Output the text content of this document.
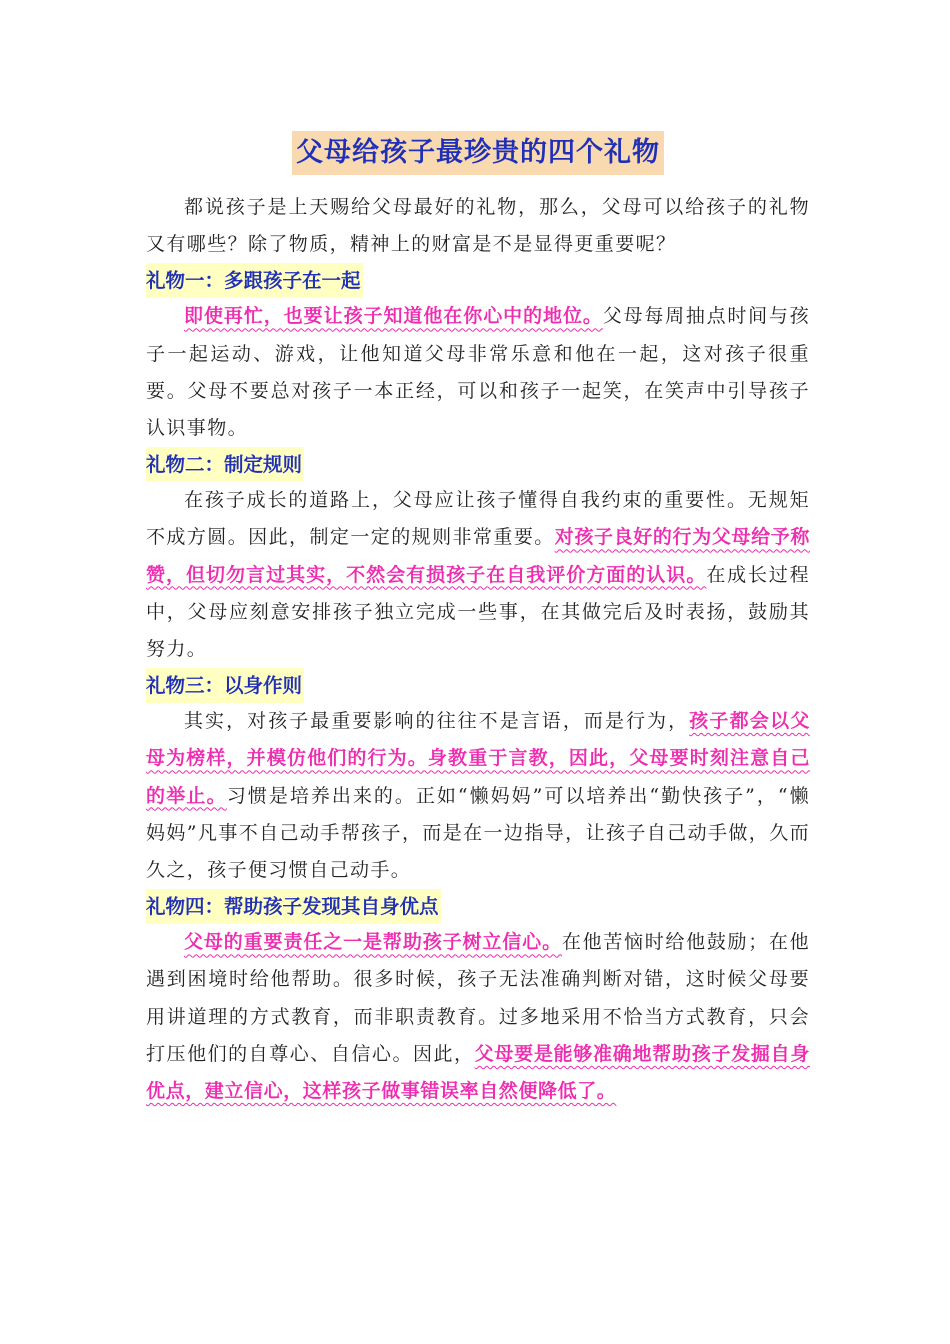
父母给孩子最珍贵的四个礼物

都说孩子是上天赐给父母最好的礼物，那么，父母可以给孩子的礼物又有哪些？除了物质，精神上的财富是不是显得更重要呢？

礼物一：多跟孩子在一起

即使再忙，也要让孩子知道他在你心中的地位。父母每周抽点时间与孩子一起运动、游戏，让他知道父母非常乐意和他在一起，这对孩子很重要。父母不要总对孩子一本正经，可以和孩子一起笑，在笑声中引导孩子认识事物。

礼物二：制定规则

在孩子成长的道路上，父母应让孩子懂得自我约束的重要性。无规矩不成方圆。因此，制定一定的规则非常重要。对孩子良好的行为父母给予称赞，但切勿言过其实，不然会有损孩子在自我评价方面的认识。在成长过程中，父母应刻意安排孩子独立完成一些事，在其做完后及时表扬，鼓励其努力。

礼物三：以身作则

其实，对孩子最重要影响的往往不是言语，而是行为，孩子都会以父母为榜样，并模仿他们的行为。身教重于言教，因此，父母要时刻注意自己的举止。习惯是培养出来的。正如“懒妈妈”可以培养出“勤快孩子”，“懒妈妈”凡事不自己动手帮孩子，而是在一边指导，让孩子自己动手做，久而久之，孩子便习惯自己动手。

礼物四：帮助孩子发现其自身优点

父母的重要责任之一是帮助孩子树立信心。在他苦恼时给他鼓励；在他遇到困境时给他帮助。很多时候，孩子无法准确判断对错，这时候父母要用讲道理的方式教育，而非职责教育。过多地采用不恰当方式教育，只会打压他们的自尊心、自信心。因此，父母要是能够准确地帮助孩子发掘自身优点，建立信心，这样孩子做事错误率自然便降低了。
